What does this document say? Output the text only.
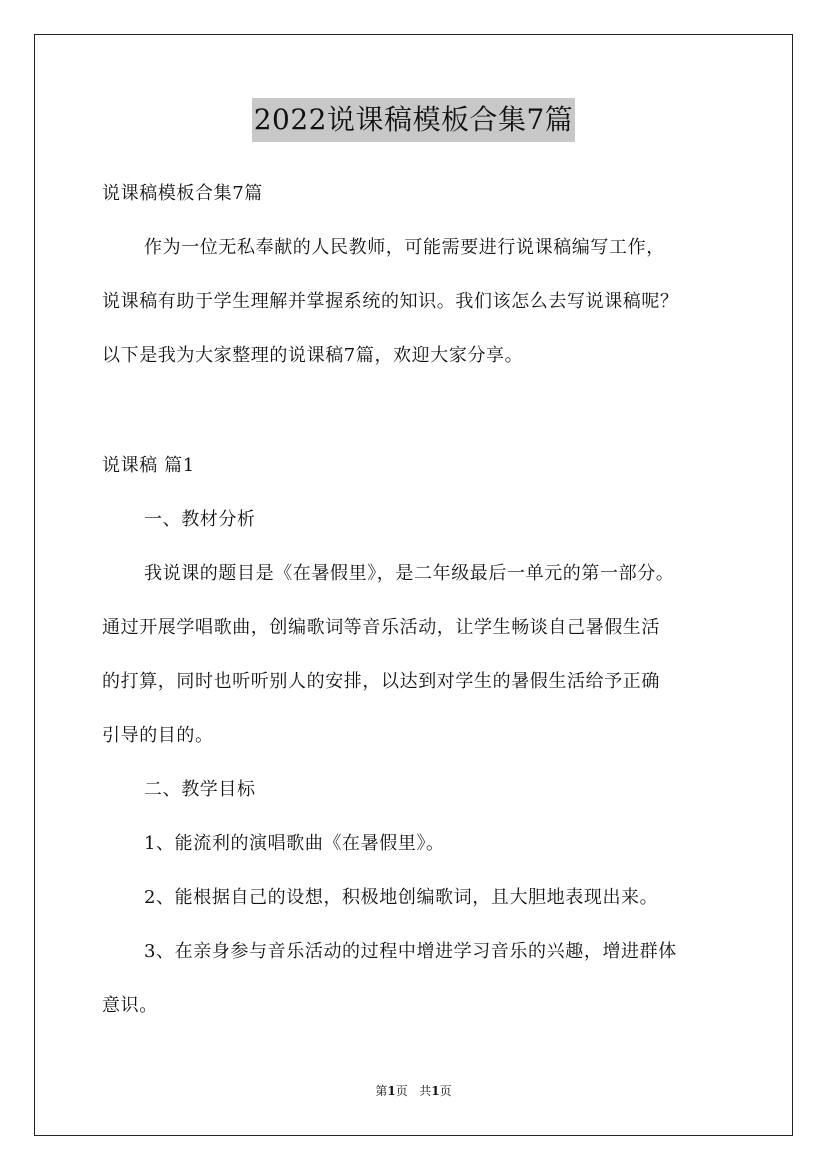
2022说课稿模板合集7篇
说课稿模板合集7篇
作为一位无私奉献的人民教师，可能需要进行说课稿编写工作，
说课稿有助于学生理解并掌握系统的知识。我们该怎么去写说课稿呢？
以下是我为大家整理的说课稿7篇，欢迎大家分享。
说课稿 篇1
一、教材分析
我说课的题目是《在暑假里》，是二年级最后一单元的第一部分。
通过开展学唱歌曲，创编歌词等音乐活动，让学生畅谈自己暑假生活
的打算，同时也听听别人的安排，以达到对学生的暑假生活给予正确
引导的目的。
二、教学目标
1、能流利的演唱歌曲《在暑假里》。
2、能根据自己的设想，积极地创编歌词，且大胆地表现出来。
3、在亲身参与音乐活动的过程中增进学习音乐的兴趣，增进群体
意识。
第1页   共1页
